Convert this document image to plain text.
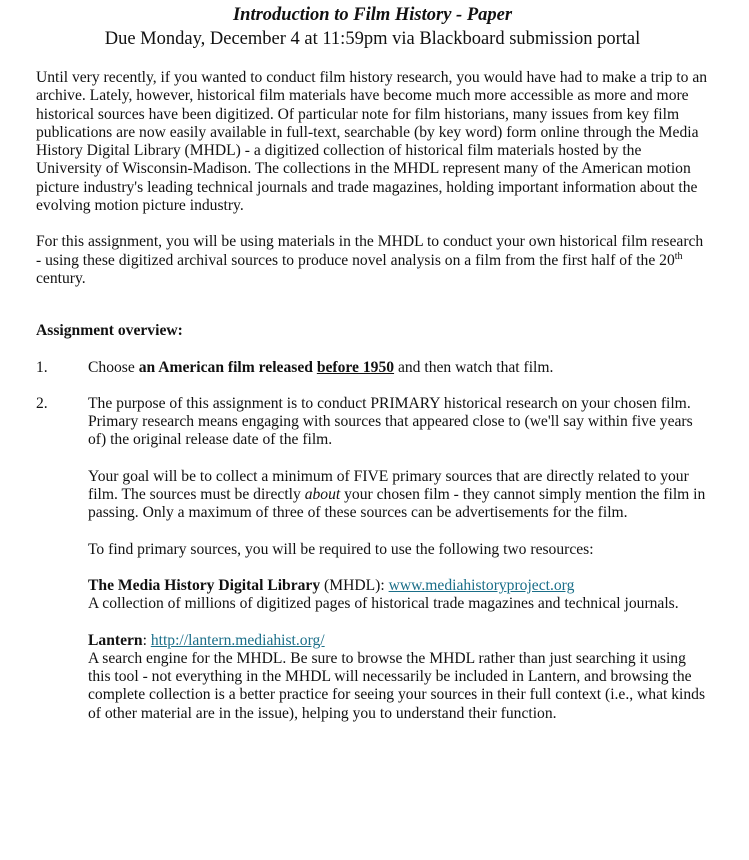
Introduction to Film History - Paper

Due Monday, December 4 at 11:59pm via Blackboard submission portal

Until very recently, if you wanted to conduct film history research, you would have had to make a trip to an archive. Lately, however, historical film materials have become much more accessible as more and more historical sources have been digitized. Of particular note for film historians, many issues from key film publications are now easily available in full-text, searchable (by key word) form online through the Media History Digital Library (MHDL) - a digitized collection of historical film materials hosted by the University of Wisconsin-Madison. The collections in the MHDL represent many of the American motion picture industry's leading technical journals and trade magazines, holding important information about the evolving motion picture industry.

For this assignment, you will be using materials in the MHDL to conduct your own historical film research - using these digitized archival sources to produce novel analysis on a film from the first half of the 20th century.

Assignment overview:

1.	Choose an American film released before 1950 and then watch that film.
2.	The purpose of this assignment is to conduct PRIMARY historical research on your chosen film. Primary research means engaging with sources that appeared close to (we'll say within five years of) the original release date of the film.
Your goal will be to collect a minimum of FIVE primary sources that are directly related to your film. The sources must be directly about your chosen film - they cannot simply mention the film in passing. Only a maximum of three of these sources can be advertisements for the film.
To find primary sources, you will be required to use the following two resources:
The Media History Digital Library (MHDL): www.mediahistoryproject.org
A collection of millions of digitized pages of historical trade magazines and technical journals.
Lantern: http://lantern.mediahist.org/
A search engine for the MHDL. Be sure to browse the MHDL rather than just searching it using this tool - not everything in the MHDL will necessarily be included in Lantern, and browsing the complete collection is a better practice for seeing your sources in their full context (i.e., what kinds of other material are in the issue), helping you to understand their function.
